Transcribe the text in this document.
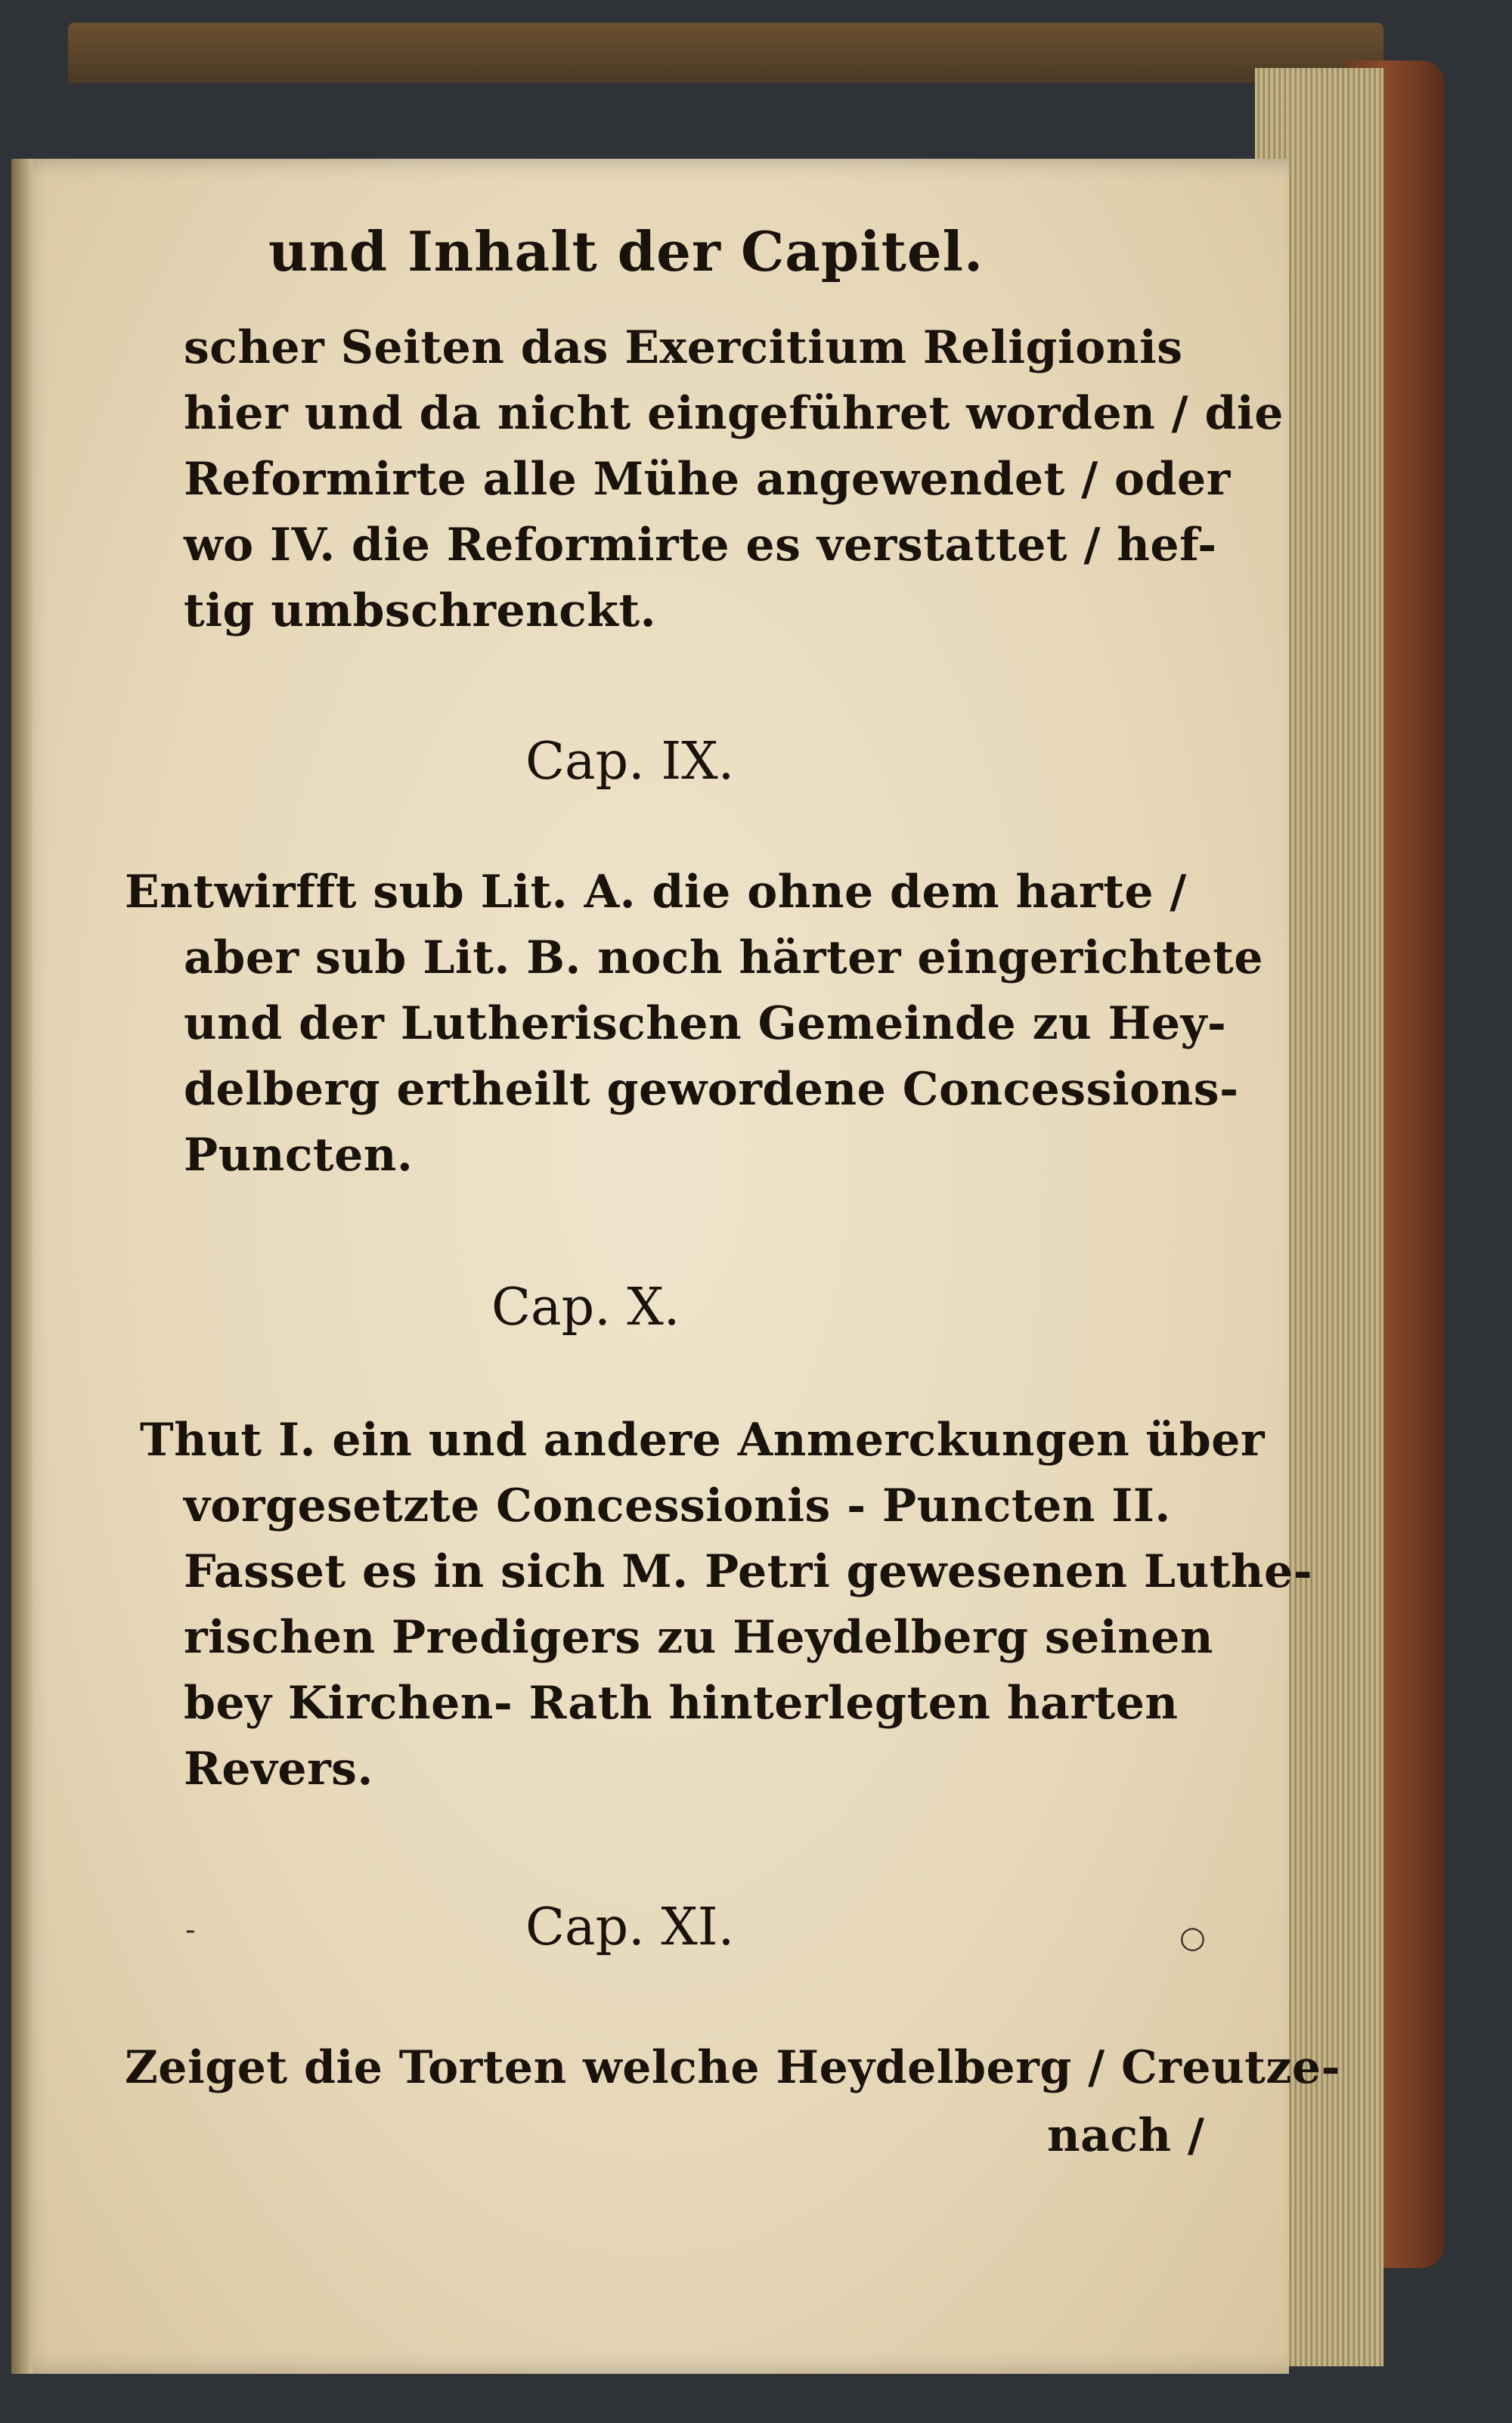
und Inhalt der Capitel.
scher Seiten das Exercitium Religionis
hier und da nicht eingeführet worden / die
Reformirte alle Mühe angewendet / oder
wo IV. die Reformirte es verstattet / hef-
tig umbschrenckt.
Cap. IX.
Entwirfft sub Lit. A. die ohne dem harte /
aber sub Lit. B. noch härter eingerichtete
und der Lutherischen Gemeinde zu Hey-
delberg ertheilt gewordene Concessions-
Puncten.
Cap. X.
Thut I. ein und andere Anmerckungen über
vorgesetzte Concessionis - Puncten II.
Fasset es in sich M. Petri gewesenen Luthe-
rischen Predigers zu Heydelberg seinen
bey Kirchen- Rath hinterlegten harten
Revers.
Cap. XI.	○
-
Zeiget die Torten welche Heydelberg / Creutze-
nach /
